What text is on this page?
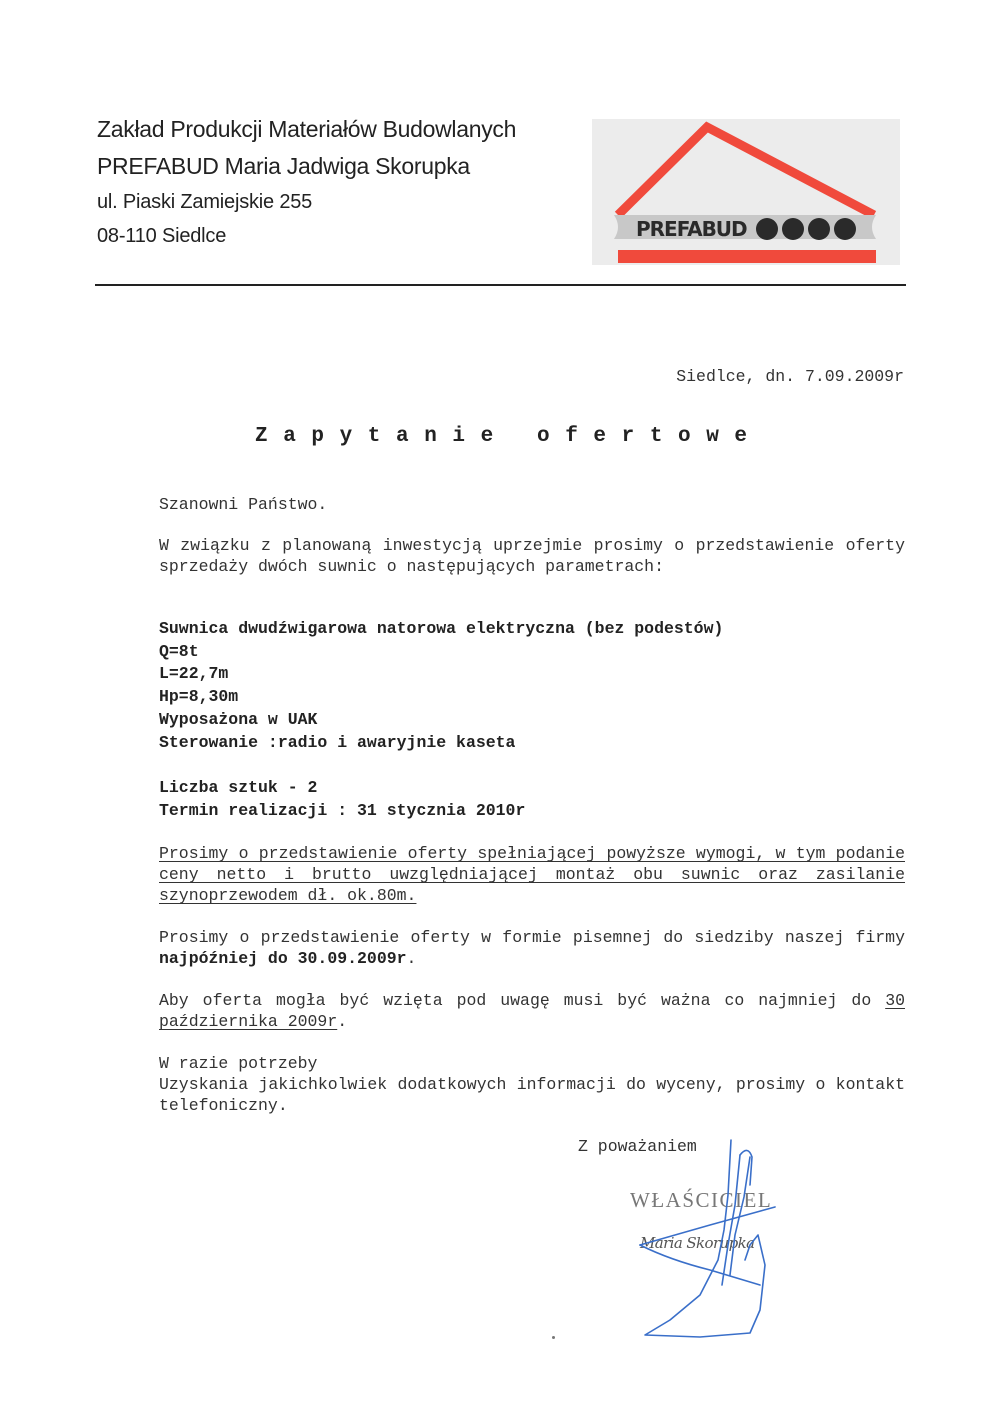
Zakład Produkcji Materiałów Budowlanych
PREFABUD Maria Jadwiga Skorupka
ul. Piaski Zamiejskie 255
08-110 Siedlce	PREFABUD
Siedlce, dn. 7.09.2009r
Zapytanie ofertowe
Szanowni Państwo.
W związku z planowaną inwestycją uprzejmie prosimy o przedstawienie oferty sprzedaży dwóch suwnic o następujących parametrach:
Suwnica dwudźwigarowa natorowa elektryczna (bez podestów)
Q=8t
L=22,7m
Hp=8,30m
Wyposażona w UAK
Sterowanie :radio i awaryjnie kaseta
Liczba sztuk - 2
Termin realizacji : 31 stycznia 2010r
Prosimy o przedstawienie oferty spełniającej powyższe wymogi, w tym podanie ceny netto i brutto uwzględniającej montaż obu suwnic oraz zasilanie szynoprzewodem dł. ok.80m.
Prosimy o przedstawienie oferty w formie pisemnej do siedziby naszej firmy najpóźniej do 30.09.2009r.
Aby oferta mogła być wzięta pod uwagę musi być ważna co najmniej do 30 października 2009r.
W razie potrzeby
Uzyskania jakichkolwiek dodatkowych informacji do wyceny, prosimy o kontakt telefoniczny.
Z poważaniem
WŁAŚCICIEL
Maria Skorupka
